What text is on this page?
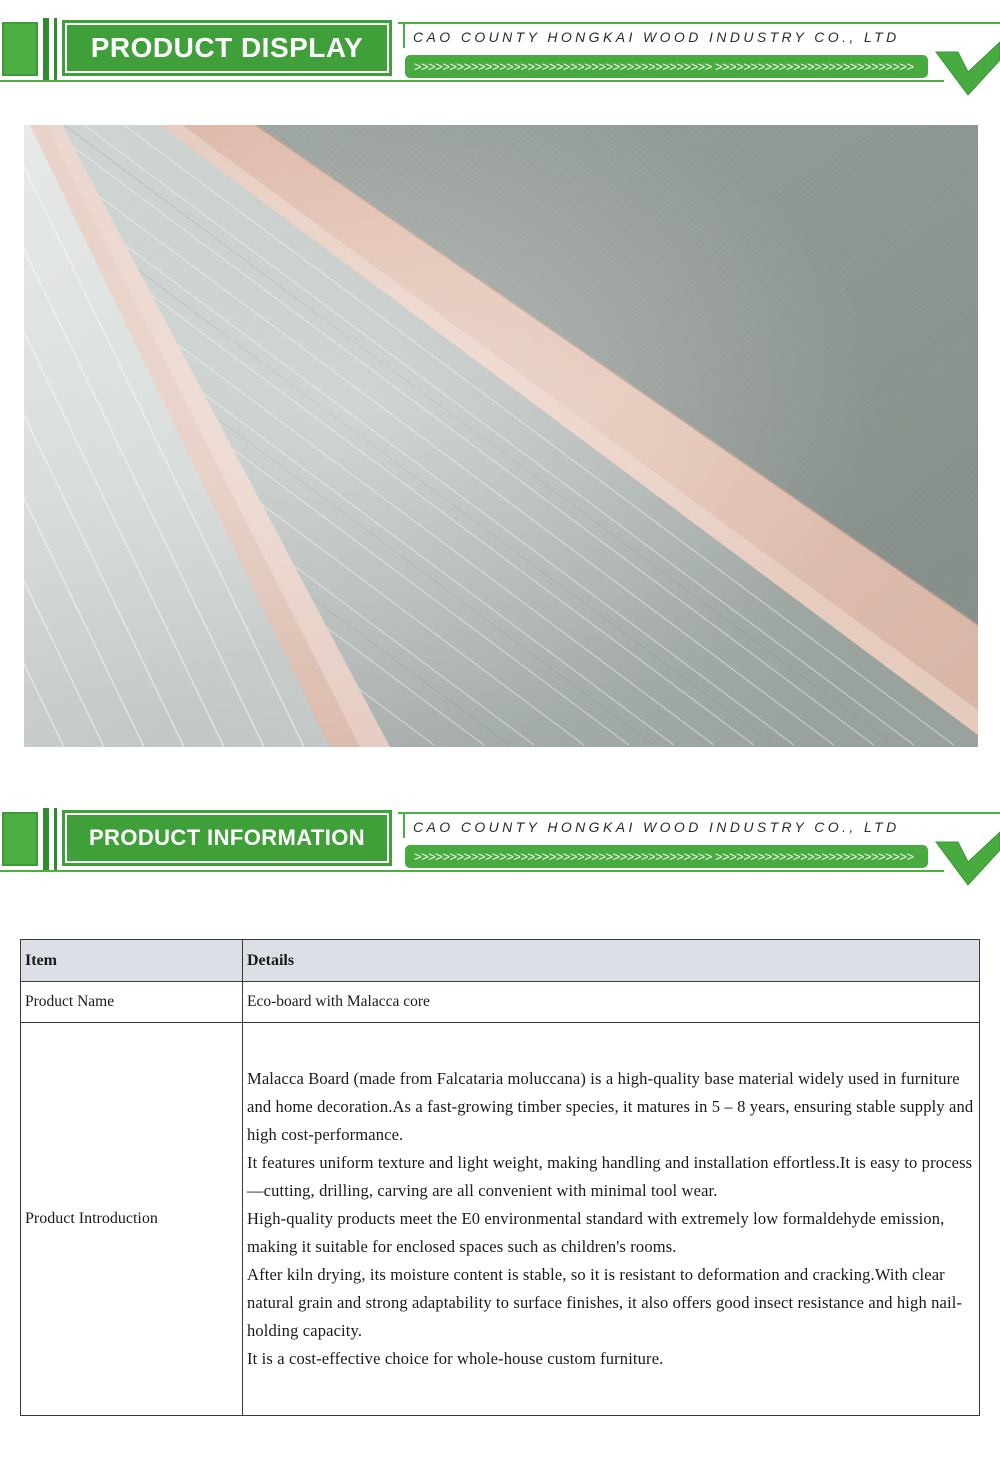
PRODUCT DISPLAY	CAO COUNTY HONGKAI WOOD INDUSTRY CO., LTD
>>>>>>>>>>>>>>>>>>>>>>>>>>>>>>>>>>>>>>>>>> >>>>>>>>>>>>>>>>>>>>>>>>>>>>
PRODUCT INFORMATION	CAO COUNTY HONGKAI WOOD INDUSTRY CO., LTD
>>>>>>>>>>>>>>>>>>>>>>>>>>>>>>>>>>>>>>>>>> >>>>>>>>>>>>>>>>>>>>>>>>>>>>
Item	Details
Product Name	Eco-board with Malacca core
Product Introduction	Malacca Board (made from Falcataria moluccana) is a high-quality base material widely used in furniture and home decoration.As a fast-growing timber species, it matures in 5 – 8 years, ensuring stable supply and high cost-performance.

It features uniform texture and light weight, making handling and installation effortless.It is easy to process—cutting, drilling, carving are all convenient with minimal tool wear.

High-quality products meet the E0 environmental standard with extremely low formaldehyde emission, making it suitable for enclosed spaces such as children's rooms.

After kiln drying, its moisture content is stable, so it is resistant to deformation and cracking.With clear natural grain and strong adaptability to surface finishes, it also offers good insect resistance and high nail-holding capacity.

It is a cost-effective choice for whole-house custom furniture.
